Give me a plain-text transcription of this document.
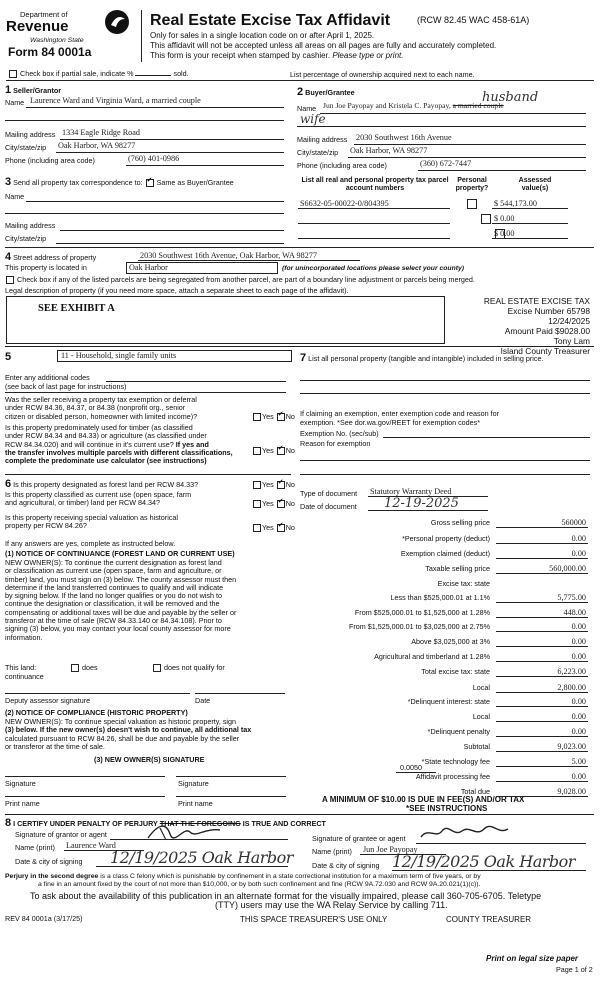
Department of
Revenue
Washington State
Form 84 0001a
Real Estate Excise Tax Affidavit	(RCW 82.45 WAC 458-61A)
Only for sales in a single location code on or after April 1, 2025.
This affidavit will not be accepted unless all areas on all pages are fully and accurately completed.
This form is your receipt when stamped by cashier. Please type or print.
Check box if partial sale, indicate %	sold.	List percentage of ownership acquired next to each name.
1 Seller/Grantor
Name Laurence Ward and Virginia Ward, a married couple
Mailing address 1334 Eagle Ridge Road
City/state/zip Oak Harbor, WA 98277
Phone (including area code)	(760) 401-0986
2 Buyer/Grantee
Name Jun Joe Payopay and Kristela C. Payopay, a married couple
husband
wife
Mailing address 2030 Southwest 16th Avenue
City/state/zip Oak Harbor, WA 98277
Phone (including area code)	(360) 672-7447
3 Send all property tax correspondence to: ✔ Same as Buyer/Grantee
Name
Mailing address
City/state/zip
List all real and personal property tax parcel account numbers
Personal property?
Assessed value(s)
S6632-05-00022-0/804395
	$ 544,173.00

$ 0.00
$ 0.00
4 Street address of property	2030 Southwest 16th Avenue, Oak Harbor, WA 98277
This property is located in	Oak Harbor	(for unincorporated locations please select your county)
Check box if any of the listed parcels are being segregated from another parcel, are part of a boundary line adjustment or parcels being merged.
Legal description of property (if you need more space, attach a separate sheet to each page of the affidavit).
SEE EXHIBIT A
REAL ESTATE EXCISE TAX
Excise Number 65798
12/24/2025
Amount Paid $9028.00
Tony Lam
Island County Treasurer
5	11 - Household, single family units
Enter any additional codes
(see back of last page for instructions)
Was the seller receiving a property tax exemption or deferral
under RCW 84.36, 84.37, or 84.38 (nonprofit org., senior
citizen or disabled person, homeowner with limited income)?	Yes ✔ No
Is this property predominately used for timber (as classified
under RCW 84.34 and 84.33) or agriculture (as classified under
RCW 84.34.020) and will continue in it's current use? If yes and
the transfer involves multiple parcels with different classifications,
complete the predominate use calculator (see instructions)
Yes ✔ No
6 Is this property designated as forest land per RCW 84.33?	Yes ✔ No
Is this property classified as current use (open space, farm
and agricultural, or timber) land per RCW 84.34?	Yes ✔ No
Is this property receiving special valuation as historical
property per RCW 84.26?	Yes ✔ No
If any answers are yes, complete as instructed below.
(1) NOTICE OF CONTINUANCE (FOREST LAND OR CURRENT USE)
NEW OWNER(S): To continue the current designation as forest land
or classification as current use (open space, farm and agriculture, or
timber) land, you must sign on (3) below. The county assessor must then
determine if the land transferred continues to qualify and will indicate
by signing below. If the land no longer qualifies or you do not wish to
continue the designation or classification, it will be removed and the
compensating or additional taxes will be due and payable by the seller or
transferor at the time of sale (RCW 84.33.140 or 84.34.108). Prior to
signing (3) below, you may contact your local county assessor for more
information.
This land:	does	does not qualify for
continuance
Deputy assessor signature	Date
(2) NOTICE OF COMPLIANCE (HISTORIC PROPERTY)
NEW OWNER(S): To continue special valuation as historic property, sign
(3) below. If the new owner(s) doesn't wish to continue, all additional tax
calculated pursuant to RCW 84.26, shall be due and payable by the seller
or transferor at the time of sale.
(3) NEW OWNER(S) SIGNATURE
Signature	Signature
Print name	Print name
7 List all personal property (tangible and intangible) included in selling price.
If claiming an exemption, enter exemption code and reason for
exemption. *See dor.wa.gov/REET for exemption codes*
Exemption No. (sec/sub)
Reason for exemption
Type of document Statutory Warranty Deed
Date of document 12-19-2025
0.0050
A MINIMUM OF $10.00 IS DUE IN FEE(S) AND/OR TAX
*SEE INSTRUCTIONS
8 I CERTIFY UNDER PENALTY OF PERJURY THAT THE FOREGOING IS TRUE AND CORRECT
Signature of grantor or agent
Name (print) Laurence Ward
Date & city of signing 12/19/2025 Oak Harbor
Signature of grantee or agent
Name (print) Jun Joe Payopay
Date & city of signing 12/19/2025 Oak Harbor
Perjury in the second degree is a class C felony which is punishable by confinement in a state correctional institution for a maximum term of five years, or by
a fine in an amount fixed by the court of not more than $10,000, or by both such confinement and fine (RCW 9A.72.030 and RCW 9A.20.021(1)(c)).
To ask about the availability of this publication in an alternate format for the visually impaired, please call 360-705-6705. Teletype
(TTY) users may use the WA Relay Service by calling 711.
REV 84 0001a (3/17/25)	THIS SPACE TREASURER'S USE ONLY	COUNTY TREASURER
Print on legal size paper
Page 1 of 2
Gross selling price	560000
*Personal property (deduct)	0.00
Exemption claimed (deduct)	0.00
Taxable selling price	560,000.00
Excise tax: state
Less than $525,000.01 at 1.1%	5,775.00
From $525,000.01 to $1,525,000 at 1.28%	448.00
From $1,525,000.01 to $3,025,000 at 2.75%	0.00
Above $3,025,000 at 3%	0.00
Agricultural and timberland at 1.28%	0.00
Total excise tax: state	6,223.00
Local	2,800.00
*Delinquent interest: state	0.00
Local	0.00
*Delinquent penalty	0.00
Subtotal	9,023.00
*State technology fee	5.00
Affidavit processing fee	0.00
Total due	9,028.00
